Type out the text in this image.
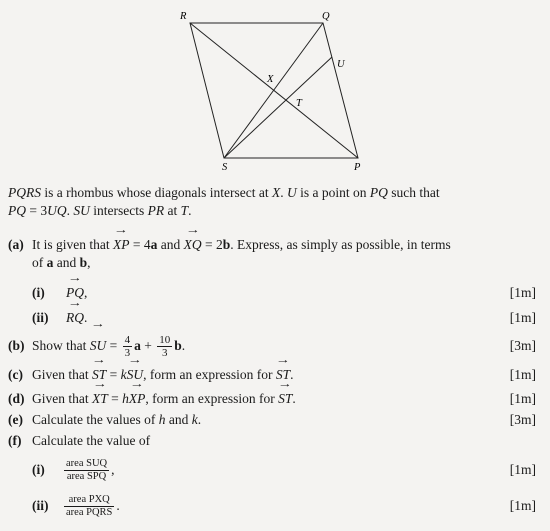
R	Q
U
X
T
S	P
PQRS is a rhombus whose diagonals intersect at X. U is a point on PQ such that
PQ = 3UQ. SU intersects PR at T.
(a) It is given that → XP = 4a and → XQ = 2b. Express, as simply as possible, in terms
of a and b,
(i) → PQ,	[1m]
(ii) → RQ.	[1m]
(b) Show that → SU = $\frac{4}{3}$ $a + \frac{10}{3} b$.	[3m]
(c) Given that → ST = k→ SU, form an expression for → ST.	[1m]
(d) Given that → XT = h→ XP, form an expression for → ST.	[1m]
(e) Calculate the values of h and k.	[3m]
(f) Calculate the value of
$(i) \frac{\text{area SUQ}}{\text{area SPQ}}$ ,	[1m]
$(ii) \frac{\text{area PXQ}}{\text{area PQRS}}$ .	[1m]
